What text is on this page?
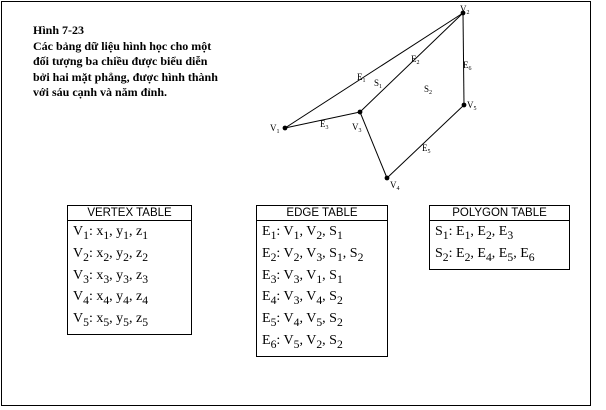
Hình 7-23
Các bảng dữ liệu hình học cho một đối tượng ba chiều được biểu diễn bởi hai mặt phẳng, được hình thành với sáu cạnh và năm đỉnh.
$V_1$
$V_2$
$V_3$
$V_4$
$V_5$
$E_1$
$E_2$
$E_3$
$E_6$
$E_5$
$S_1$	$S_2$
VERTEX TABLE
$V_1$: $x_1$, $y_1$, $z_1$
$V_2$: $x_2$, $y_2$, $z_2$
$V_3$: $x_3$, $y_3$, $z_3$
$V_4$: $x_4$, $y_4$, $z_4$
$V_5$: $x_5$, $y_5$, $z_5$
EDGE TABLE
$E_1$: $V_1$, $V_2$, $S_1$
$E_2$: $V_2$, $V_3$, $S_1$, $S_2$
$E_3$: $V_3$, $V_1$, $S_1$
$E_4$: $V_3$, $V_4$, $S_2$
$E_5$: $V_4$, $V_5$, $S_2$
$E_6$: $V_5$, $V_2$, $S_2$
POLYGON TABLE
$S_1$: $E_1$, $E_2$, $E_3$
$S_2$: $E_2$, $E_4$, $E_5$, $E_6$
